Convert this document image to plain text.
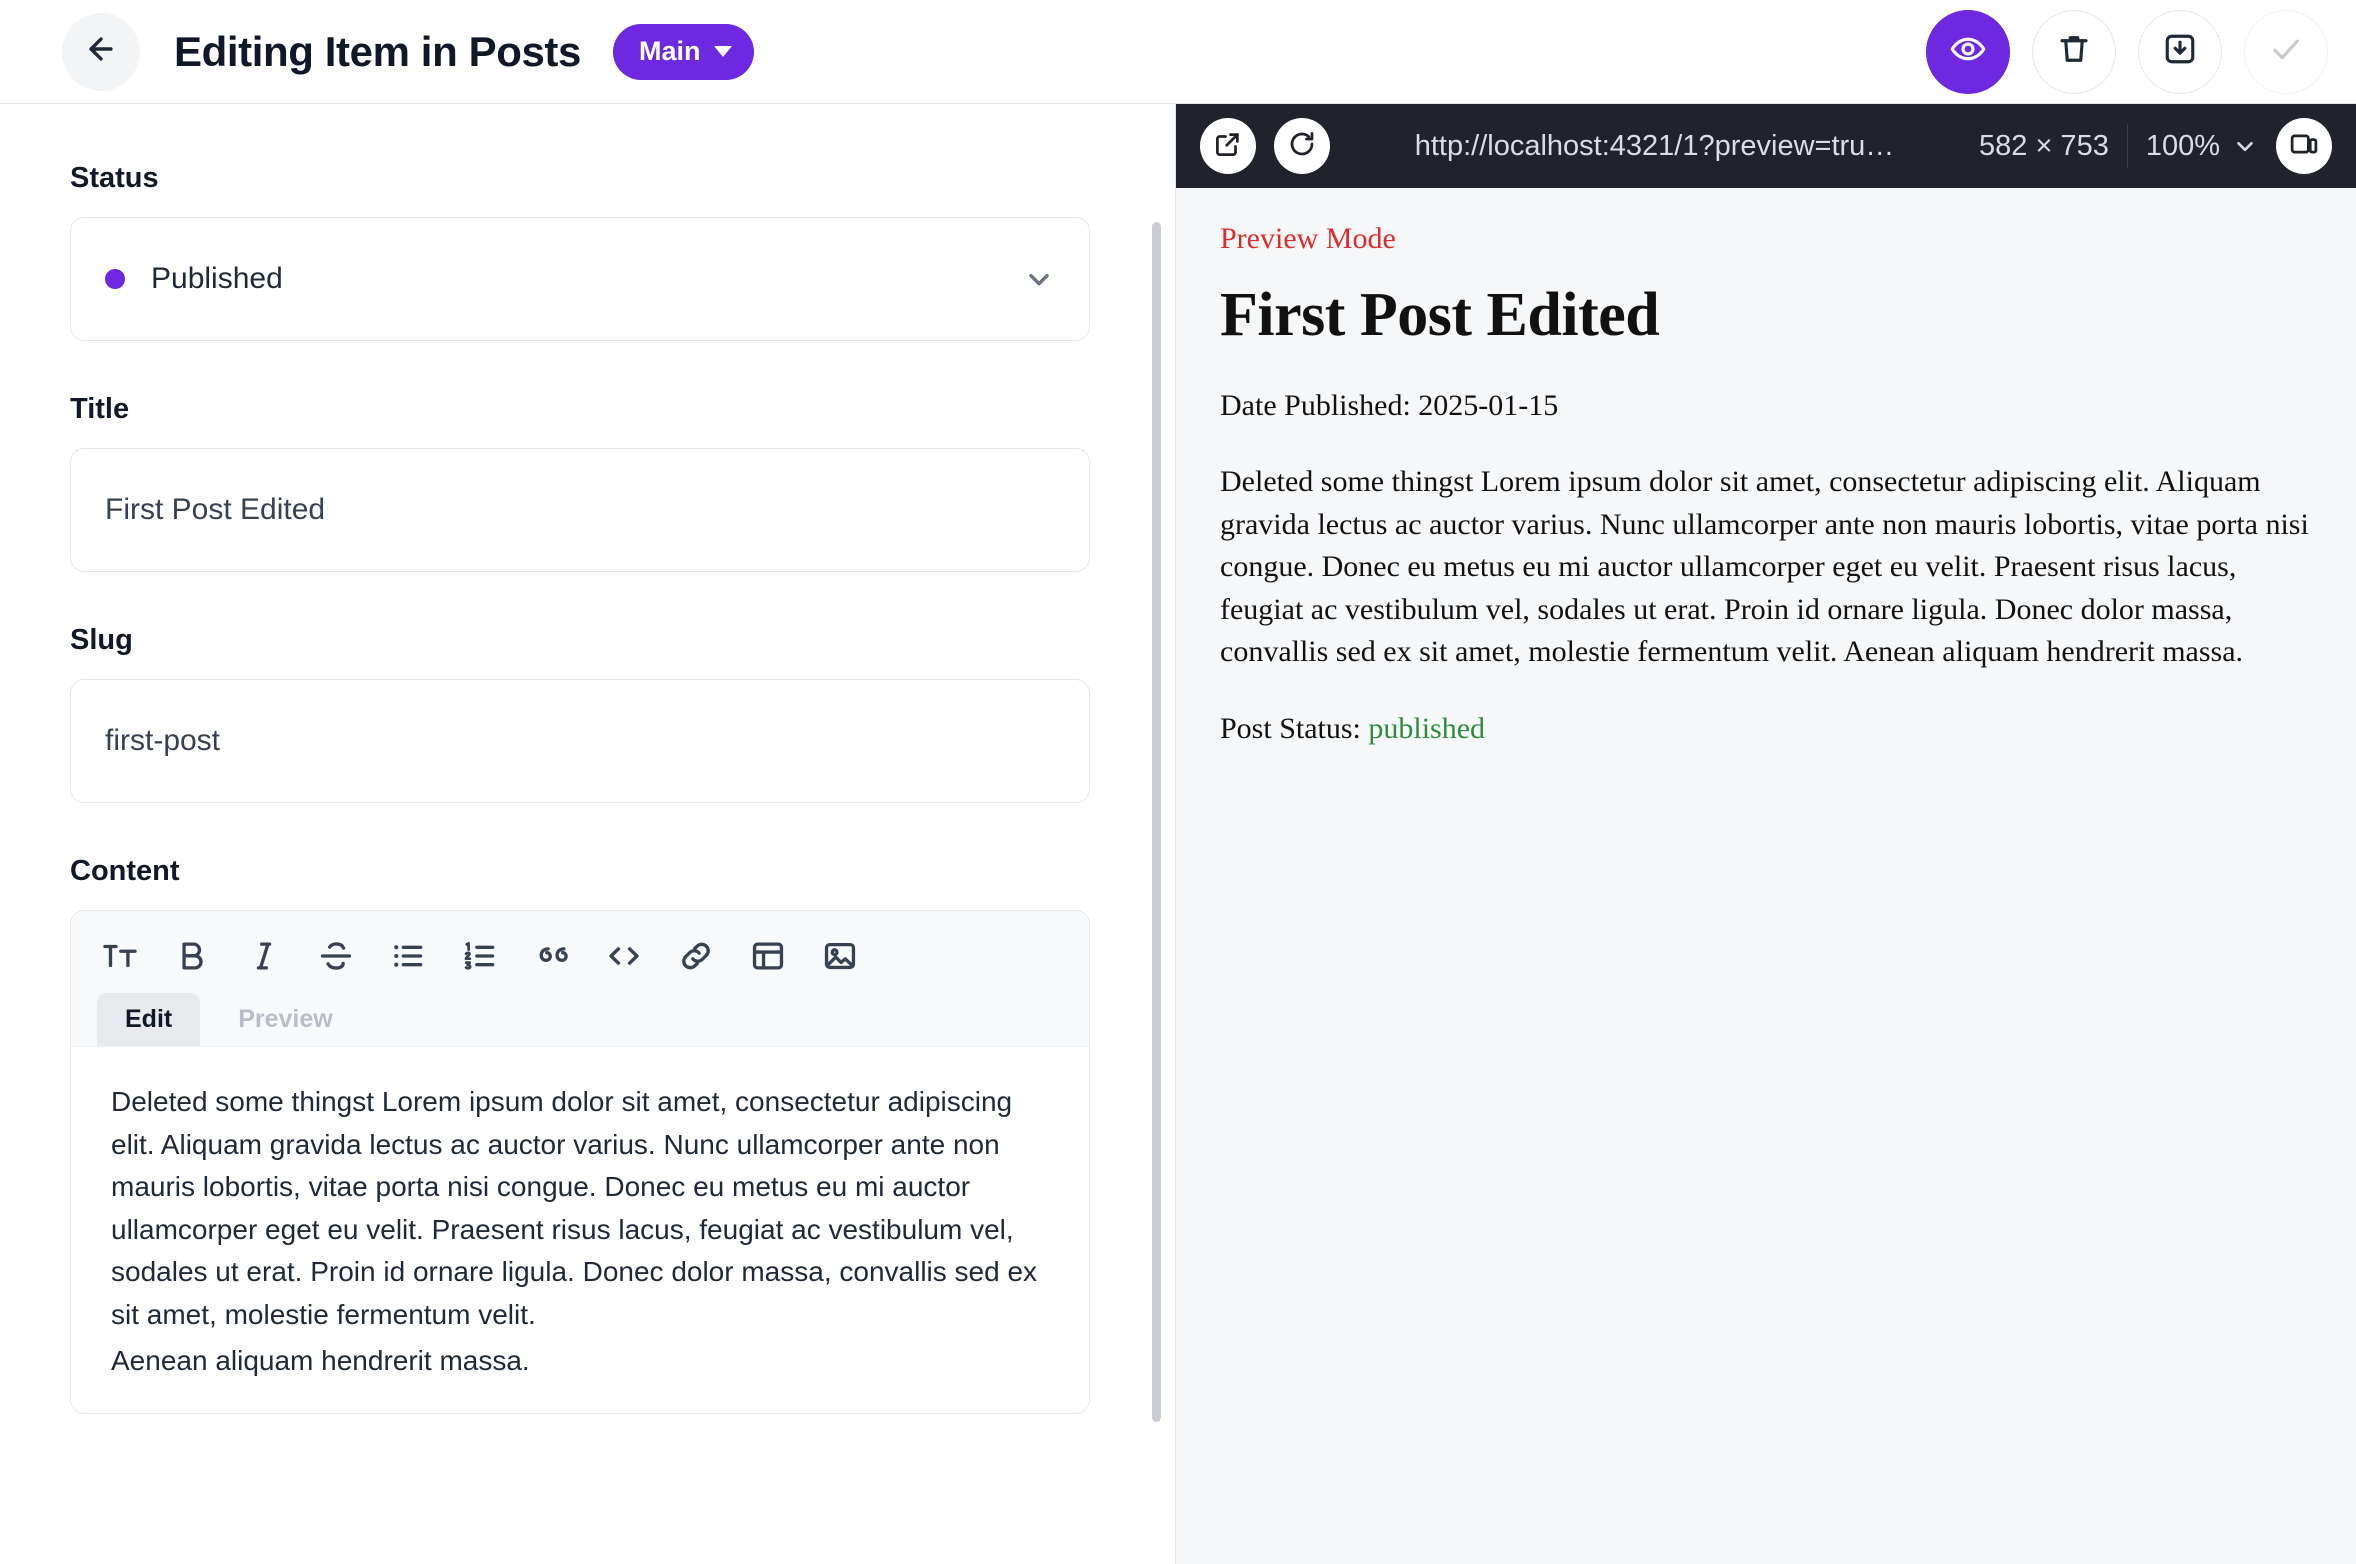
Editing Item in Posts Main
Status
Published
Title
First Post Edited
Slug
first-post
Content
Edit	Preview

Deleted some thingst Lorem ipsum dolor sit amet, consectetur adipiscing elit. Aliquam gravida lectus ac auctor varius. Nunc ullamcorper ante non mauris lobortis, vitae porta nisi congue. Donec eu metus eu mi auctor ullamcorper eget eu velit. Praesent risus lacus, feugiat ac vestibulum vel, sodales ut erat. Proin id ornare ligula. Donec dolor massa, convallis sed ex sit amet, molestie fermentum velit.

Aenean aliquam hendrerit massa.

http://localhost:4321/1?preview=tru…	582 × 753 100%

Preview Mode

First Post Edited

Date Published: 2025-01-15

Deleted some thingst Lorem ipsum dolor sit amet, consectetur adipiscing elit. Aliquam gravida lectus ac auctor varius. Nunc ullamcorper ante non mauris lobortis, vitae porta nisi congue. Donec eu metus eu mi auctor ullamcorper eget eu velit. Praesent risus lacus, feugiat ac vestibulum vel, sodales ut erat. Proin id ornare ligula. Donec dolor massa, convallis sed ex sit amet, molestie fermentum velit. Aenean aliquam hendrerit massa.

Post Status: published
